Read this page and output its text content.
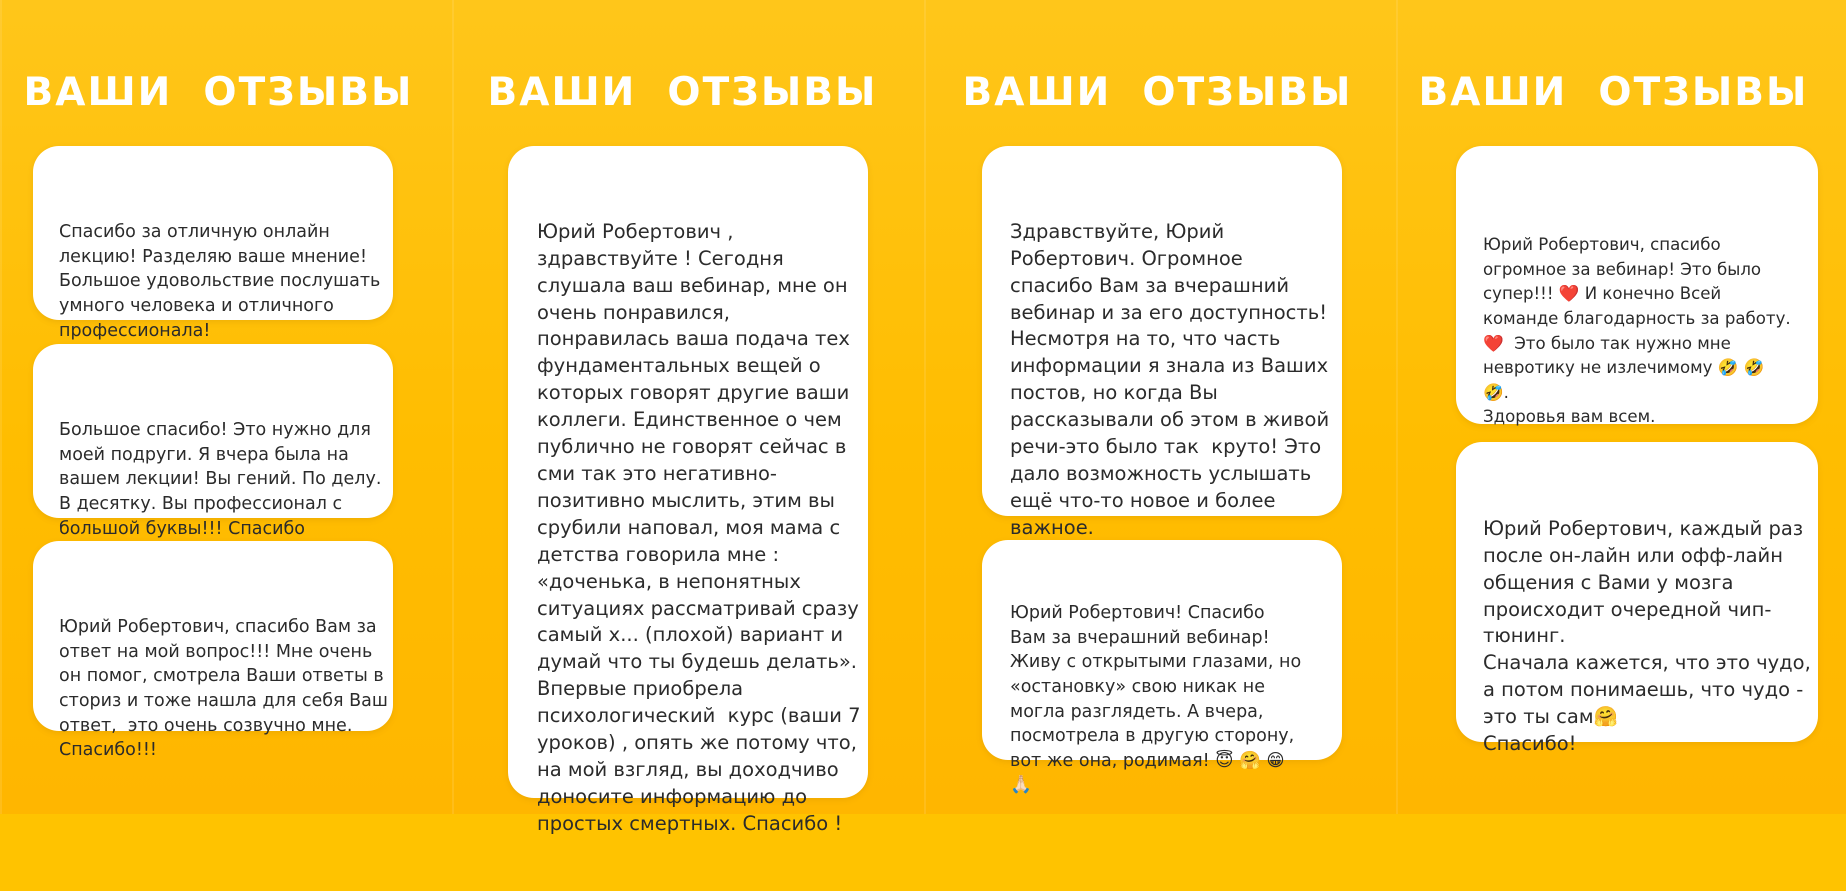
ВАШИ  ОТЗЫВЫ

Спасибо за отличную онлайн
лекцию! Разделяю ваше мнение!
Большое удовольствие послушать
умного человека и отличного
профессионала!

Большое спасибо! Это нужно для
моей подруги. Я вчера была на
вашем лекции! Вы гений. По делу.
В десятку. Вы профессионал с
большой буквы!!! Спасибо

Юрий Робертович, спасибо Вам за
ответ на мой вопрос!!! Мне очень
он помог, смотрела Ваши ответы в
сториз и тоже нашла для себя Ваш
ответ,  это очень созвучно мне.
Спасибо!!!

ВАШИ  ОТЗЫВЫ

Юрий Робертович ,
здравствуйте ! Сегодня
слушала ваш вебинар, мне он
очень понравился,
понравилась ваша подача тех
фундаментальных вещей о
которых говорят другие ваши
коллеги. Единственное о чем
публично не говорят сейчас в
сми так это негативно-
позитивно мыслить, этим вы
срубили наповал, моя мама с
детства говорила мне :
«доченька, в непонятных
ситуациях рассматривай сразу
самый х... (плохой) вариант и
думай что ты будешь делать».
Впервые приобрела
психологический  курс (ваши 7
уроков) , опять же потому что,
на мой взгляд, вы доходчиво
доносите информацию до
простых смертных. Спасибо !

ВАШИ  ОТЗЫВЫ

Здравствуйте, Юрий
Робертович. Огромное
спасибо Вам за вчерашний
вебинар и за его доступность!
Несмотря на то, что часть
информации я знала из Ваших
постов, но когда Вы
рассказывали об этом в живой
речи-это было так  круто! Это
дало возможность услышать
ещё что-то новое и более
важное.

Юрий Робертович! Спасибо
Вам за вчерашний вебинар!
Живу с открытыми глазами, но
«остановку» свою никак не
могла разглядеть. А вчера,
посмотрела в другую сторону,
вот же она, родимая! 😇 🤗 😁
🙏🏻

ВАШИ  ОТЗЫВЫ

Юрий Робертович, спасибо
огромное за вебинар! Это было
супер!!! ❤️ И конечно Всей
команде благодарность за работу.
❤️  Это было так нужно мне
невротику не излечимому 🤣 🤣
🤣.
Здоровья вам всем.

Юрий Робертович, каждый раз
после он-лайн или офф-лайн
общения с Вами у мозга
происходит очередной чип-
тюнинг.
Сначала кажется, что это чудо,
а потом понимаешь, что чудо -
это ты сам🤗
Спасибо!
